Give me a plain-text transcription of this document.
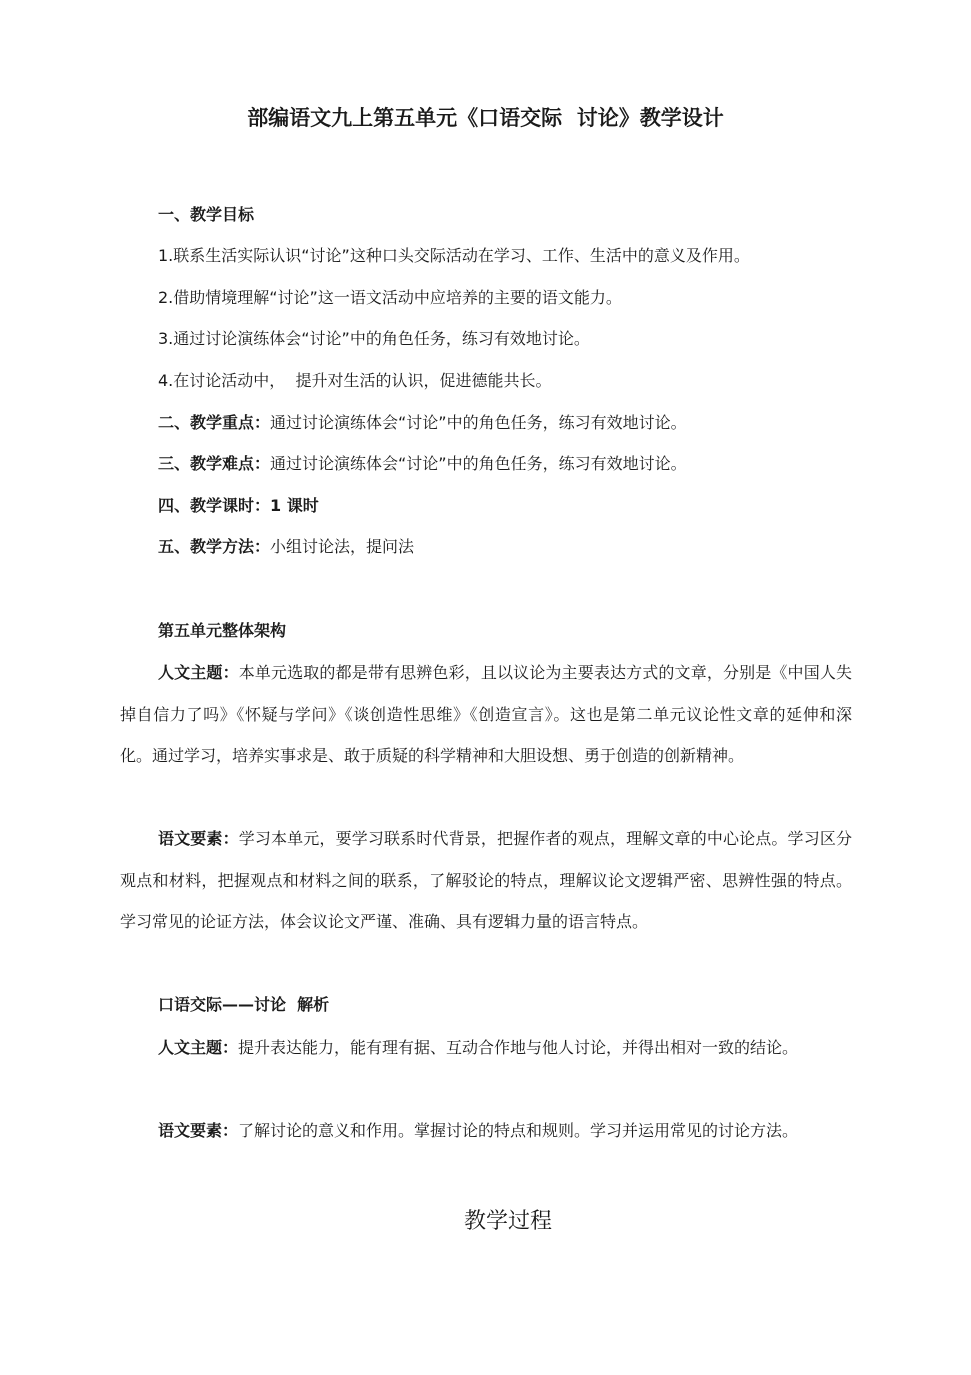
部编语文九上第五单元《口语交际  讨论》教学设计
一、教学目标
1.联系生活实际认识“讨论”这种口头交际活动在学习、工作、生活中的意义及作用。
2.借助情境理解“讨论”这一语文活动中应培养的主要的语文能力。
3.通过讨论演练体会“讨论”中的角色任务，练习有效地讨论。
4.在讨论活动中，  提升对生活的认识，促进德能共长。
二、教学重点：通过讨论演练体会“讨论”中的角色任务，练习有效地讨论。
三、教学难点：通过讨论演练体会“讨论”中的角色任务，练习有效地讨论。
四、教学课时：1 课时
五、教学方法：小组讨论法，提问法
第五单元整体架构
人文主题：本单元选取的都是带有思辨色彩，且以议论为主要表达方式的文章，分别是《中国人失掉自信力了吗》《怀疑与学问》《谈创造性思维》《创造宣言》。这也是第二单元议论性文章的延伸和深化。通过学习，培养实事求是、敢于质疑的科学精神和大胆设想、勇于创造的创新精神。
语文要素：学习本单元，要学习联系时代背景，把握作者的观点，理解文章的中心论点。学习区分观点和材料，把握观点和材料之间的联系，了解驳论的特点，理解议论文逻辑严密、思辨性强的特点。学习常见的论证方法，体会议论文严谨、准确、具有逻辑力量的语言特点。
口语交际——讨论  解析
人文主题：提升表达能力，能有理有据、互动合作地与他人讨论，并得出相对一致的结论。
语文要素：了解讨论的意义和作用。掌握讨论的特点和规则。学习并运用常见的讨论方法。
教学过程
